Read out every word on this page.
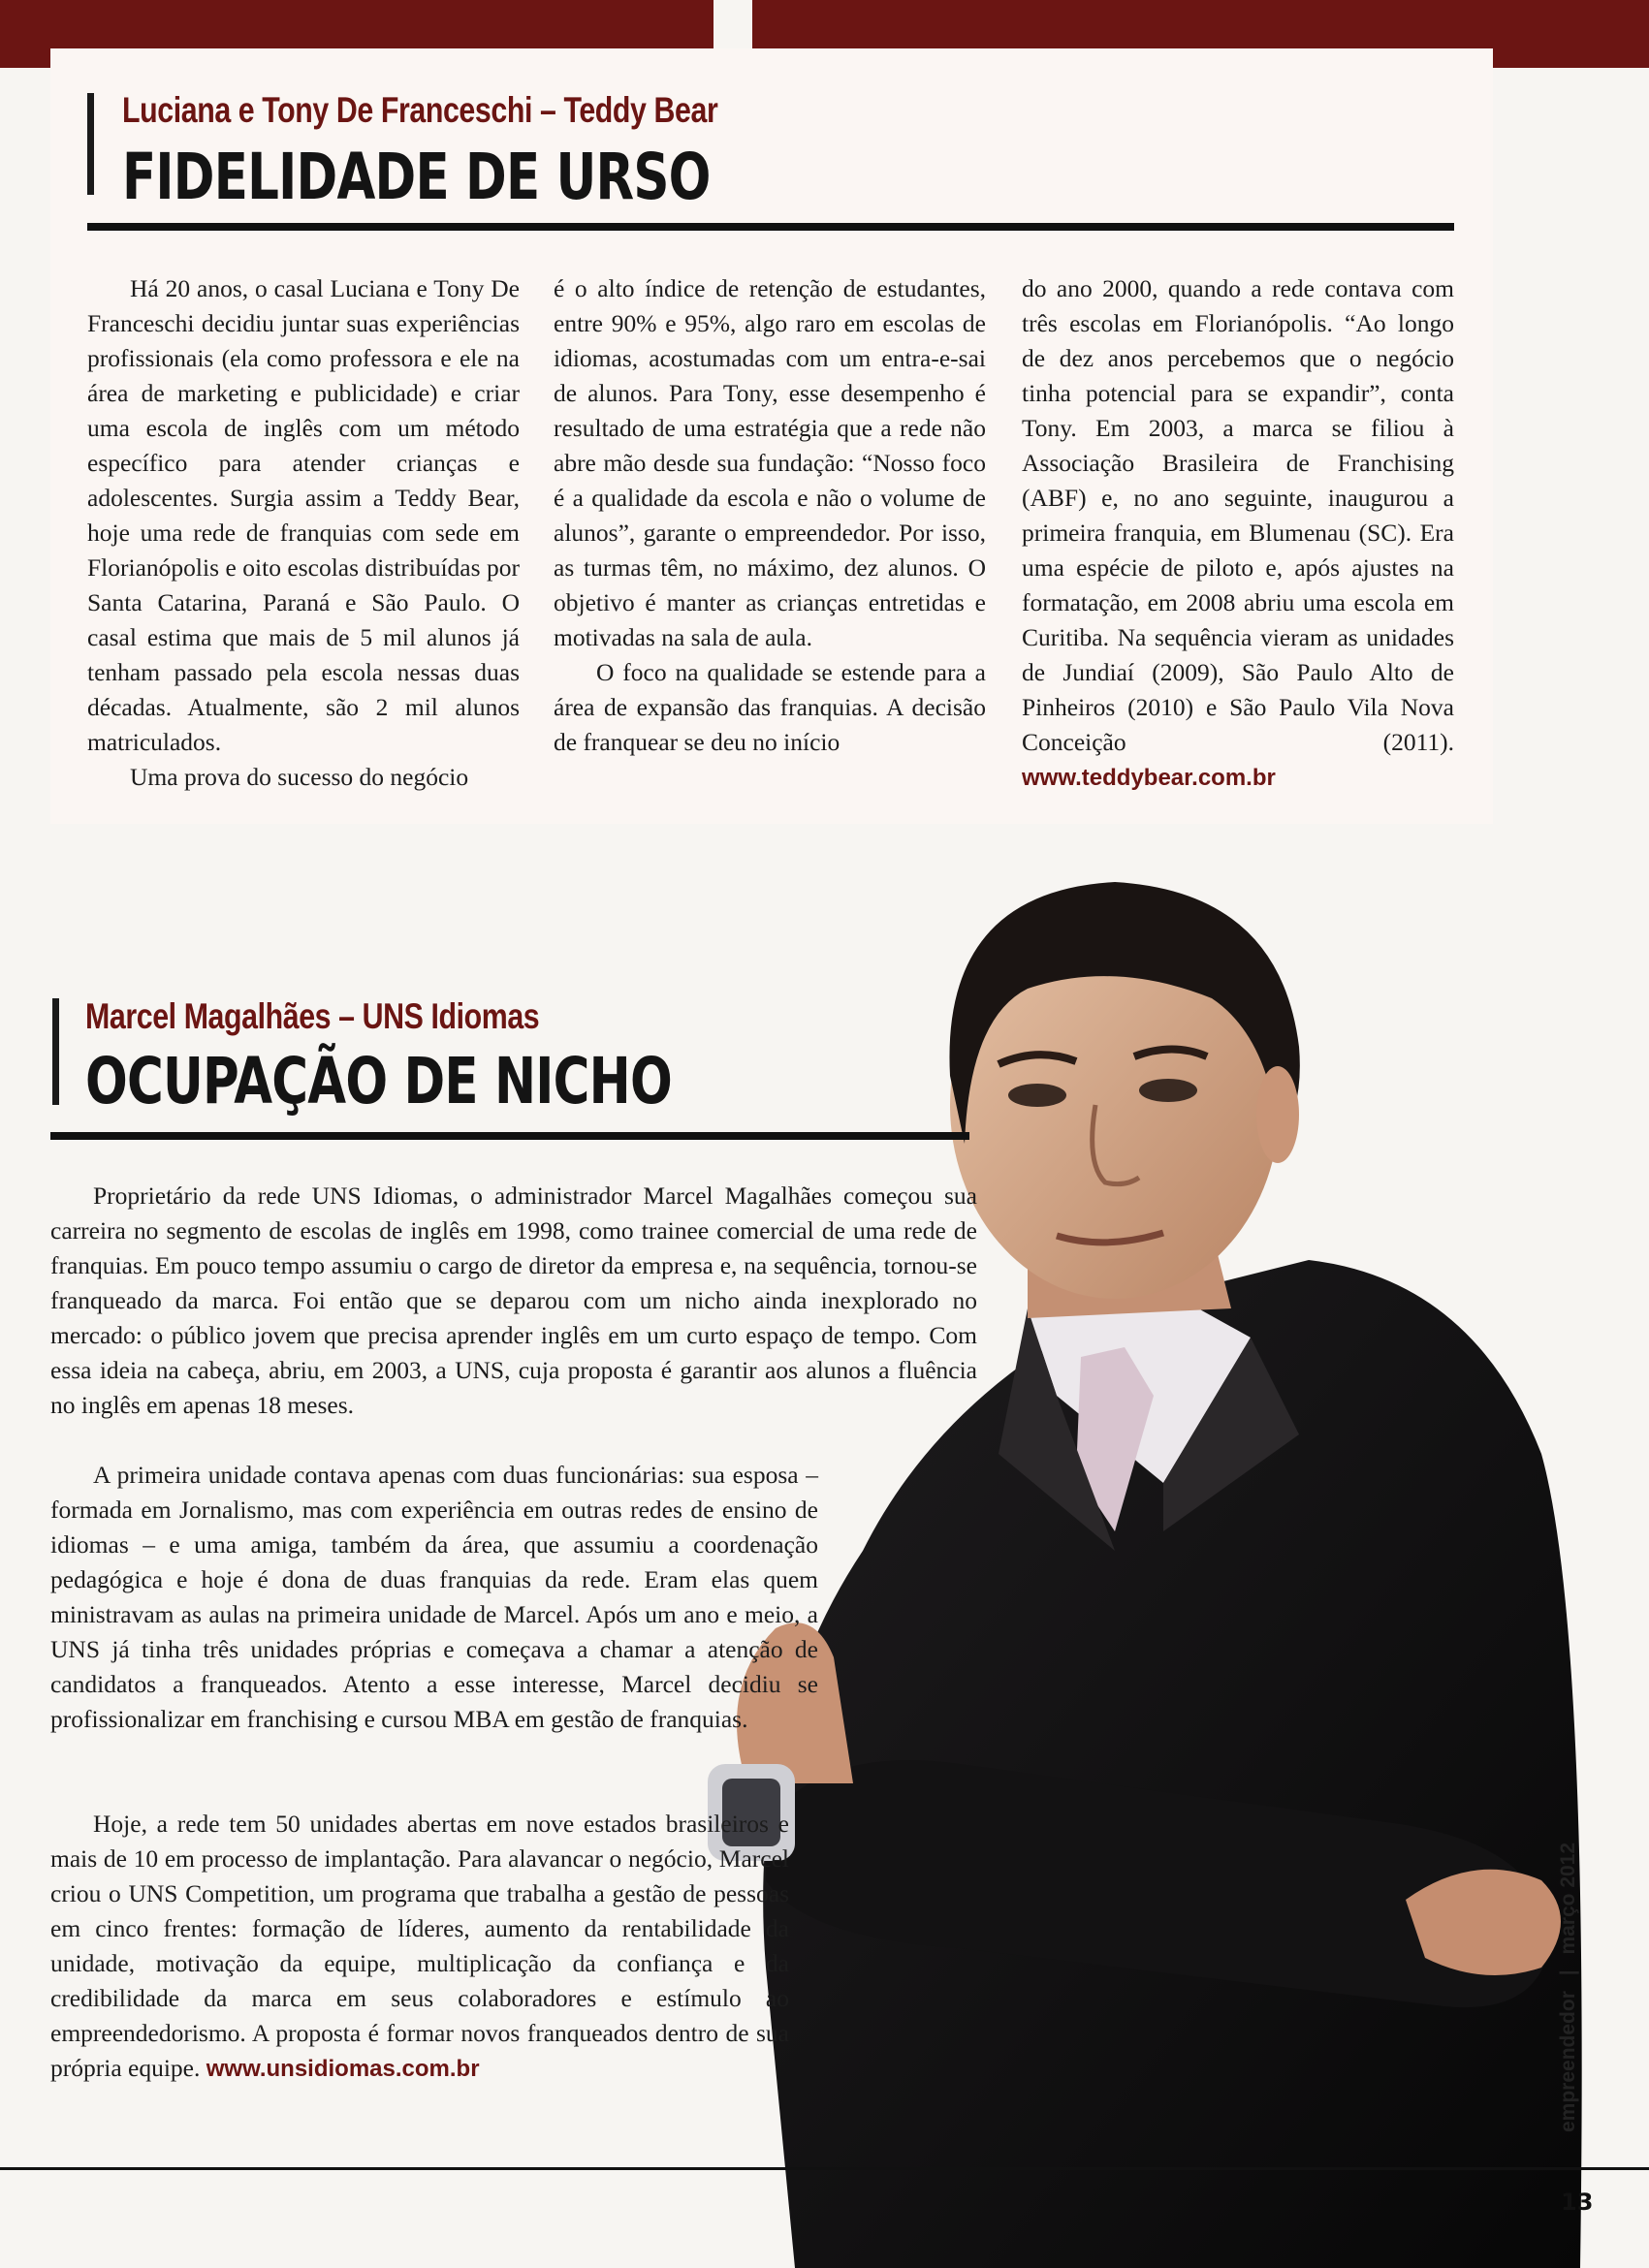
Luciana e Tony De Franceschi – Teddy Bear
FIDELIDADE DE URSO

Há 20 anos, o casal Luciana e Tony De Franceschi decidiu juntar suas experiências profissionais (ela como professora e ele na área de marketing e publicidade) e criar uma escola de inglês com um método específico para atender crianças e adolescentes. Surgia assim a Teddy Bear, hoje uma rede de franquias com sede em Florianópolis e oito escolas distribuídas por Santa Catarina, Paraná e São Paulo. O casal estima que mais de 5 mil alunos já tenham passado pela escola nessas duas décadas. Atualmente, são 2 mil alunos matriculados.

Uma prova do sucesso do negócio

é o alto índice de retenção de estudantes, entre 90% e 95%, algo raro em escolas de idiomas, acostumadas com um entra-e-sai de alunos. Para Tony, esse desempenho é resultado de uma estratégia que a rede não abre mão desde sua fundação: “Nosso foco é a qualidade da escola e não o volume de alunos”, garante o empreendedor. Por isso, as turmas têm, no máximo, dez alunos. O objetivo é manter as crianças entretidas e motivadas na sala de aula.

O foco na qualidade se estende para a área de expansão das franquias. A decisão de franquear se deu no início

do ano 2000, quando a rede contava com três escolas em Florianópolis. “Ao longo de dez anos percebemos que o negócio tinha potencial para se expandir”, conta Tony. Em 2003, a marca se filiou à Associação Brasileira de Franchising (ABF) e, no ano seguinte, inaugurou a primeira franquia, em Blumenau (SC). Era uma espécie de piloto e, após ajustes na formatação, em 2008 abriu uma escola em Curitiba. Na sequência vieram as unidades de Jundiaí (2009), São Paulo Alto de Pinheiros (2010) e São Paulo Vila Nova Conceição (2011). www.teddybear.com.br

Marcel Magalhães – UNS Idiomas
OCUPAÇÃO DE NICHO

Proprietário da rede UNS Idiomas, o administrador Marcel Magalhães começou sua carreira no segmento de escolas de inglês em 1998, como trainee comercial de uma rede de franquias. Em pouco tempo assumiu o cargo de diretor da empresa e, na sequência, tornou-se franqueado da marca. Foi então que se deparou com um nicho ainda inexplorado no mercado: o público jovem que precisa aprender inglês em um curto espaço de tempo. Com essa ideia na cabeça, abriu, em 2003, a UNS, cuja proposta é garantir aos alunos a fluência no inglês em apenas 18 meses.

A primeira unidade contava apenas com duas funcionárias: sua esposa – formada em Jornalismo, mas com experiência em outras redes de ensino de idiomas – e uma amiga, também da área, que assumiu a coordenação pedagógica e hoje é dona de duas franquias da rede. Eram elas quem ministravam as aulas na primeira unidade de Marcel. Após um ano e meio, a UNS já tinha três unidades próprias e começava a chamar a atenção de candidatos a franqueados. Atento a esse interesse, Marcel decidiu se profissionalizar em franchising e cursou MBA em gestão de franquias.

Hoje, a rede tem 50 unidades abertas em nove estados brasileiros e mais de 10 em processo de implantação. Para alavancar o negócio, Marcel criou o UNS Competition, um programa que trabalha a gestão de pessoas em cinco frentes: formação de líderes, aumento da rentabilidade da unidade, motivação da equipe, multiplicação da confiança e da credibilidade da marca em seus colaboradores e estímulo ao empreendedorismo. A proposta é formar novos franqueados dentro de sua própria equipe. www.unsidiomas.com.br	empreendedor | março 2012
13
